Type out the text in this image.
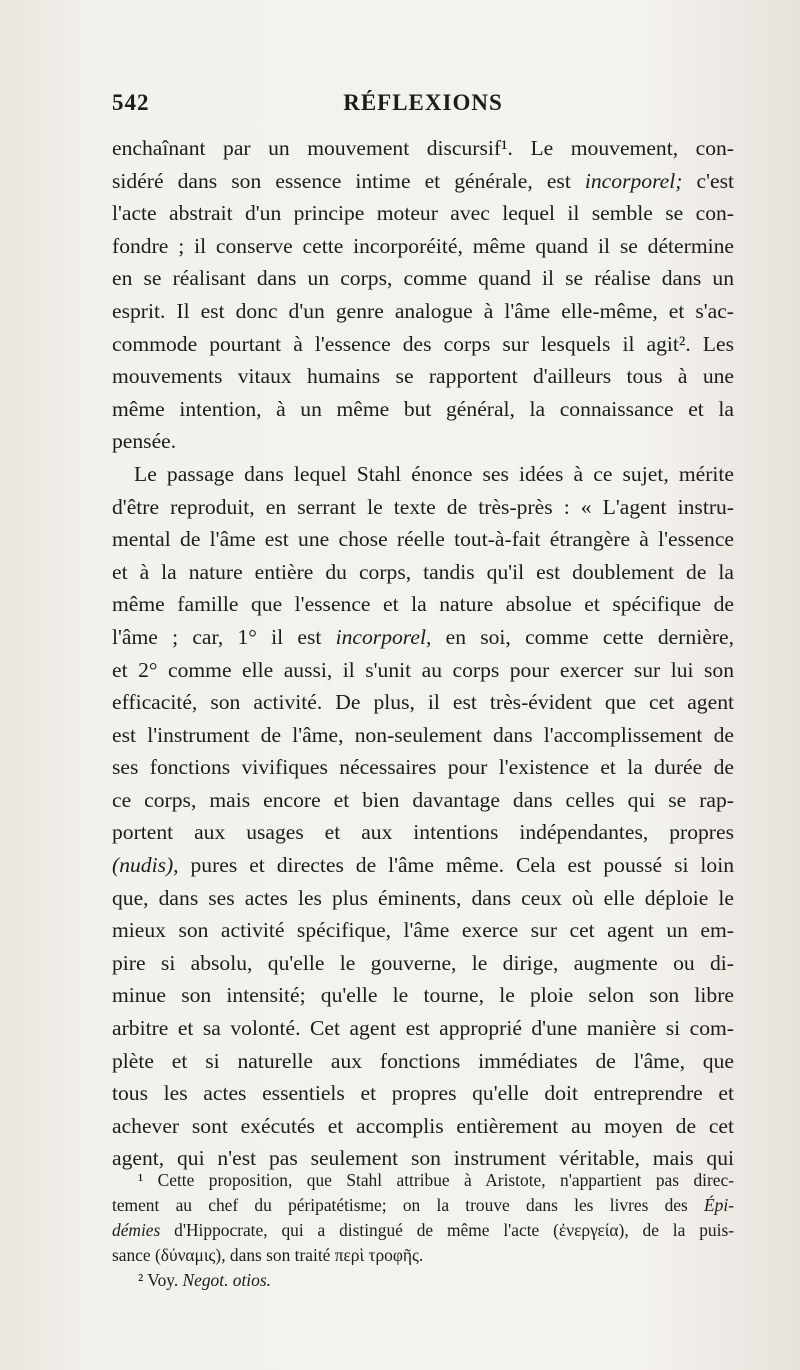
542	RÉFLEXIONS
enchaînant par un mouvement discursif¹. Le mouvement, con-
sidéré dans son essence intime et générale, est incorporel; c'est
l'acte abstrait d'un principe moteur avec lequel il semble se con-
fondre ; il conserve cette incorporéité, même quand il se détermine
en se réalisant dans un corps, comme quand il se réalise dans un
esprit. Il est donc d'un genre analogue à l'âme elle-même, et s'ac-
commode pourtant à l'essence des corps sur lesquels il agit². Les
mouvements vitaux humains se rapportent d'ailleurs tous à une
même intention, à un même but général, la connaissance et la
pensée.
Le passage dans lequel Stahl énonce ses idées à ce sujet, mérite
d'être reproduit, en serrant le texte de très-près : « L'agent instru-
mental de l'âme est une chose réelle tout-à-fait étrangère à l'essence
et à la nature entière du corps, tandis qu'il est doublement de la
même famille que l'essence et la nature absolue et spécifique de
l'âme ; car, 1° il est incorporel, en soi, comme cette dernière,
et 2° comme elle aussi, il s'unit au corps pour exercer sur lui son
efficacité, son activité. De plus, il est très-évident que cet agent
est l'instrument de l'âme, non-seulement dans l'accomplissement de
ses fonctions vivifiques nécessaires pour l'existence et la durée de
ce corps, mais encore et bien davantage dans celles qui se rap-
portent aux usages et aux intentions indépendantes, propres
(nudis), pures et directes de l'âme même. Cela est poussé si loin
que, dans ses actes les plus éminents, dans ceux où elle déploie le
mieux son activité spécifique, l'âme exerce sur cet agent un em-
pire si absolu, qu'elle le gouverne, le dirige, augmente ou di-
minue son intensité; qu'elle le tourne, le ploie selon son libre
arbitre et sa volonté. Cet agent est approprié d'une manière si com-
plète et si naturelle aux fonctions immédiates de l'âme, que
tous les actes essentiels et propres qu'elle doit entreprendre et
achever sont exécutés et accomplis entièrement au moyen de cet
agent, qui n'est pas seulement son instrument véritable, mais qui
¹ Cette proposition, que Stahl attribue à Aristote, n'appartient pas direc-
tement au chef du péripatétisme; on la trouve dans les livres des Épi-
démies d'Hippocrate, qui a distingué de même l'acte (ἐνεργεία), de la puis-
sance (δύναμις), dans son traité περὶ τροφῆς.
² Voy. Negot. otios.
